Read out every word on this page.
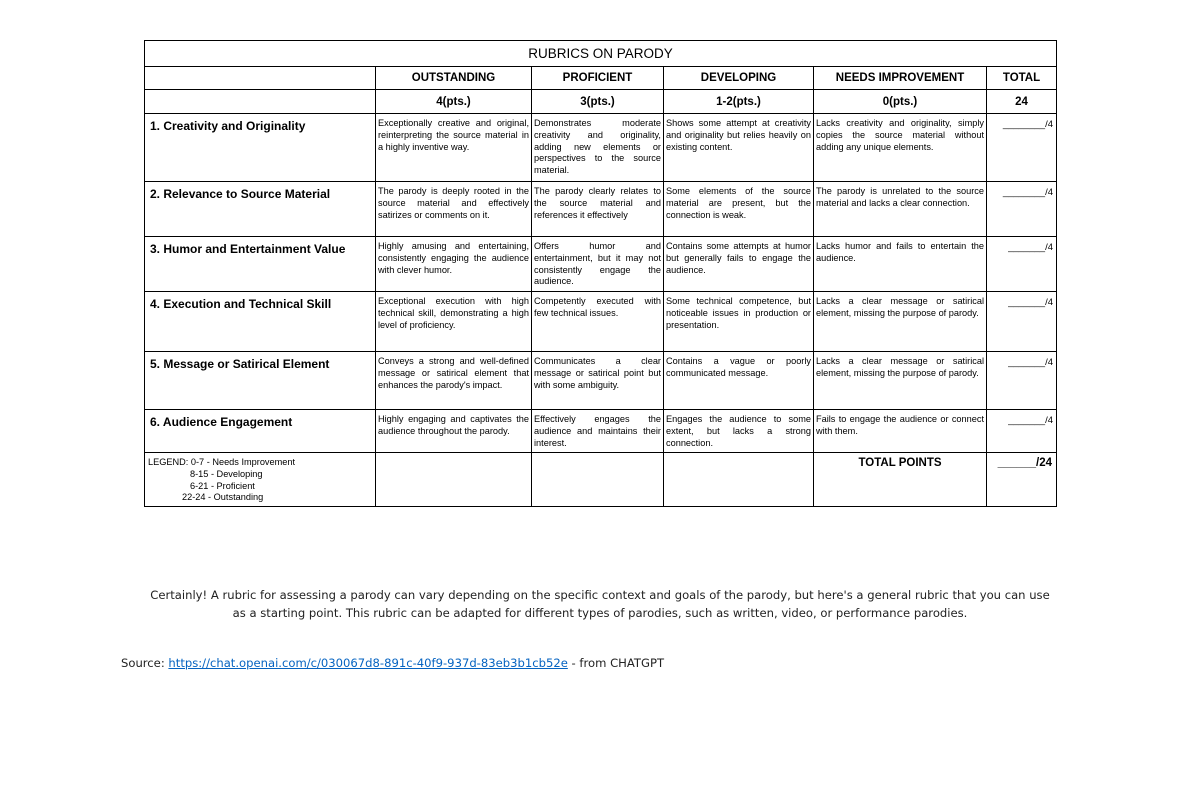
RUBRICS ON PARODY					
	OUTSTANDING	PROFICIENT	DEVELOPING	NEEDS IMPROVEMENT	TOTAL
	4(pts.)	3(pts.)	1-2(pts.)	0(pts.)	24
1. Creativity and Originality	Exceptionally creative and original, reinterpreting the source material in a highly inventive way.	Demonstrates moderate creativity and originality, adding new elements or perspectives to the source material.	Shows some attempt at creativity and originality but relies heavily on existing content.	Lacks creativity and originality, simply copies the source material without adding any unique elements.	________/4
2. Relevance to Source Material	The parody is deeply rooted in the source material and effectively satirizes or comments on it.	The parody clearly relates to the source material and references it effectively	Some elements of the source material are present, but the connection is weak.	The parody is unrelated to the source material and lacks a clear connection.	________/4
3. Humor and Entertainment Value	Highly amusing and entertaining, consistently engaging the audience with clever humor.	Offers humor and entertainment, but it may not consistently engage the audience.	Contains some attempts at humor but generally fails to engage the audience.	Lacks humor and fails to entertain the audience.	_______/4
4. Execution and Technical Skill	Exceptional execution with high technical skill, demonstrating a high level of proficiency.	Competently executed with few technical issues.	Some technical competence, but noticeable issues in production or presentation.	Lacks a clear message or satirical element, missing the purpose of parody.	_______/4
5. Message or Satirical Element	Conveys a strong and well-defined message or satirical element that enhances the parody's impact.	Communicates a clear message or satirical point but with some ambiguity.	Contains a vague or poorly communicated message.	Lacks a clear message or satirical element, missing the purpose of parody.	_______/4
6. Audience Engagement	Highly engaging and captivates the audience throughout the parody.	Effectively engages the audience and maintains their interest.	Engages the audience to some extent, but lacks a strong connection.	Fails to engage the audience or connect with them.	_______/4

LEGEND: 0-7 - Needs Improvement
8-15 - Developing
6-21 - Proficient
22-24 - Outstanding				TOTAL POINTS	______/24
Certainly! A rubric for assessing a parody can vary depending on the specific context and goals of the parody, but here's a general rubric that you can use as a starting point. This rubric can be adapted for different types of parodies, such as written, video, or performance parodies.
Source: https://chat.openai.com/c/030067d8-891c-40f9-937d-83eb3b1cb52e - from CHATGPT
